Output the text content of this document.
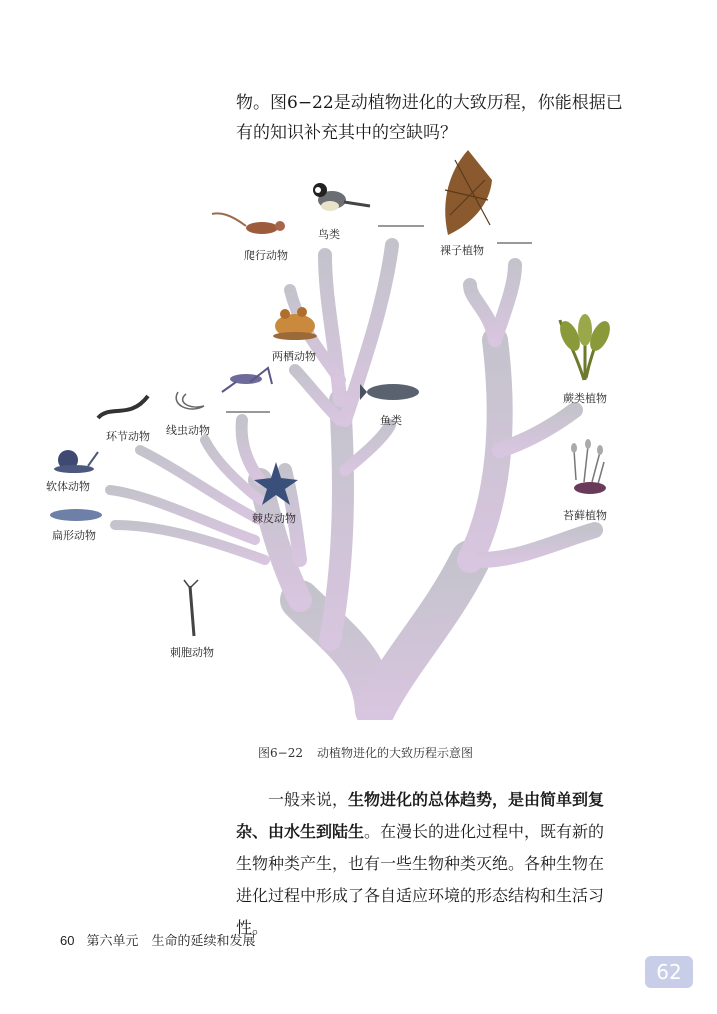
物。图6−22是动植物进化的大致历程，你能根据已

有的知识补充其中的空缺吗？

爬行动物
鸟类
裸子植物
两栖动物
鱼类
蕨类植物
环节动物 线虫动物
软体动物
扁形动物
棘皮动物	苔藓植物
刺胞动物
图6−22 动植物进化的大致历程示意图

一般来说，生物进化的总体趋势，是由简单到复杂、由水生到陆生。在漫长的进化过程中，既有新的生物种类产生，也有一些生物种类灭绝。各种生物在进化过程中形成了各自适应环境的形态结构和生活习性。

60 第六单元　生命的延续和发展
62
